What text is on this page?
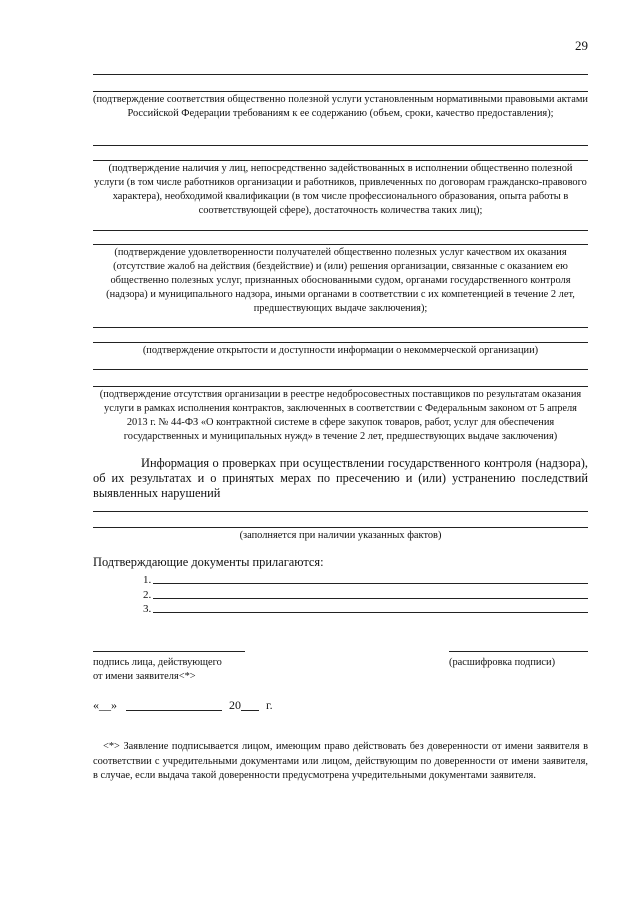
29
(подтверждение соответствия общественно полезной услуги установленным нормативными правовыми актами Российской Федерации требованиям к ее содержанию (объем, сроки, качество предоставления);
(подтверждение наличия у лиц, непосредственно задействованных в исполнении общественно полезной услуги (в том числе работников организации и работников, привлеченных по договорам гражданско-правового характера), необходимой квалификации (в том числе профессионального образования, опыта работы в соответствующей сфере), достаточность количества таких лиц);
(подтверждение удовлетворенности получателей общественно полезных услуг качеством их оказания (отсутствие жалоб на действия (бездействие) и (или) решения организации, связанные с оказанием ею общественно полезных услуг, признанных обоснованными судом, органами государственного контроля (надзора) и муниципального надзора, иными органами в соответствии с их компетенцией в течение 2 лет, предшествующих выдаче заключения);
(подтверждение открытости и доступности информации о некоммерческой организации)
(подтверждение отсутствия организации в реестре недобросовестных поставщиков по результатам оказания услуги в рамках исполнения контрактов, заключенных в соответствии с Федеральным законом от 5 апреля 2013 г. № 44-ФЗ «О контрактной системе в сфере закупок товаров, работ, услуг для обеспечения государственных и муниципальных нужд» в течение 2 лет, предшествующих выдаче заключения)
Информация о проверках при осуществлении государственного контроля (надзора), об их результатах и о принятых мерах по пресечению и (или) устранению последствий выявленных нарушений
(заполняется при наличии указанных фактов)
Подтверждающие документы прилагаются:
1.
2.
3.
подпись лица, действующего
от имени заявителя<*>
(расшифровка подписи)
«__»	20 г.
<*> Заявление подписывается лицом, имеющим право действовать без доверенности от имени заявителя в соответствии с учредительными документами или лицом, действующим по доверенности от имени заявителя, в случае, если выдача такой доверенности предусмотрена учредительными документами заявителя.
